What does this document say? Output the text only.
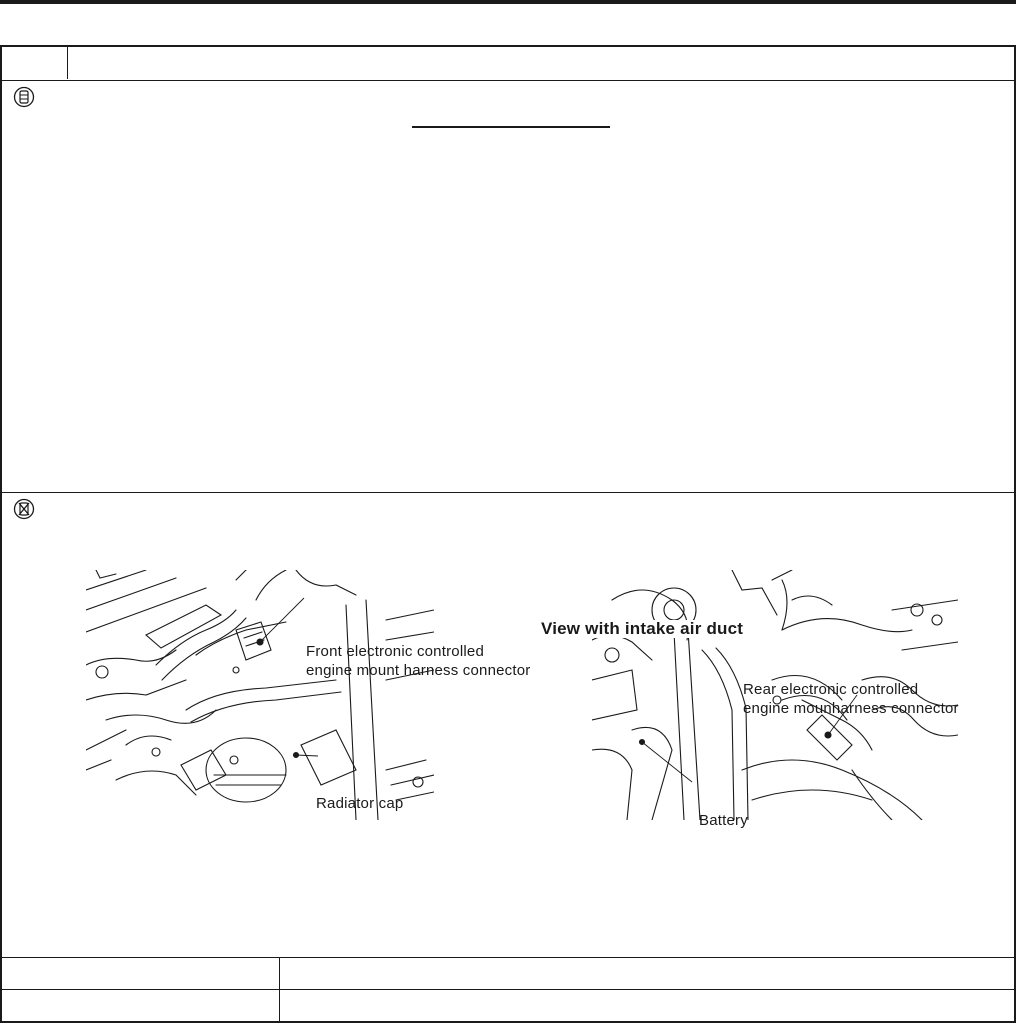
Front electronic controlled
engine mount harness connector
Radiator cap
View with intake air duct
Rear electronic controlled
engine mounharness connector
Battery
